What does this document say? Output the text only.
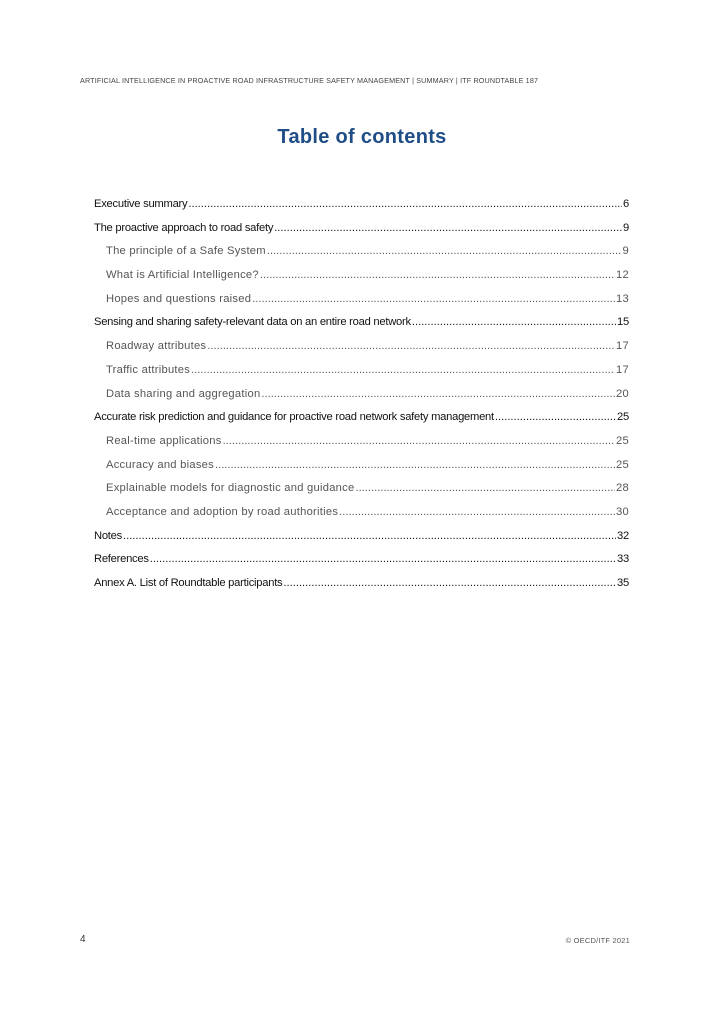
ARTIFICIAL INTELLIGENCE IN PROACTIVE ROAD INFRASTRUCTURE SAFETY MANAGEMENT | SUMMARY | ITF ROUNDTABLE 187
Table of contents
Executive summary .....	6
The proactive approach to road safety .....	9
The principle of a Safe System .....	9
What is Artificial Intelligence? .....	12
Hopes and questions raised .....	13
Sensing and sharing safety-relevant data on an entire road network .....	15
Roadway attributes .....	17
Traffic attributes .....	17
Data sharing and aggregation .....	20
Accurate risk prediction and guidance for proactive road network safety management .....	25
Real-time applications .....	25
Accuracy and biases .....	25
Explainable models for diagnostic and guidance .....	28
Acceptance and adoption by road authorities .....	30
Notes .....	32
References .....	33
Annex A. List of Roundtable participants .....	35
4	© OECD/ITF 2021
